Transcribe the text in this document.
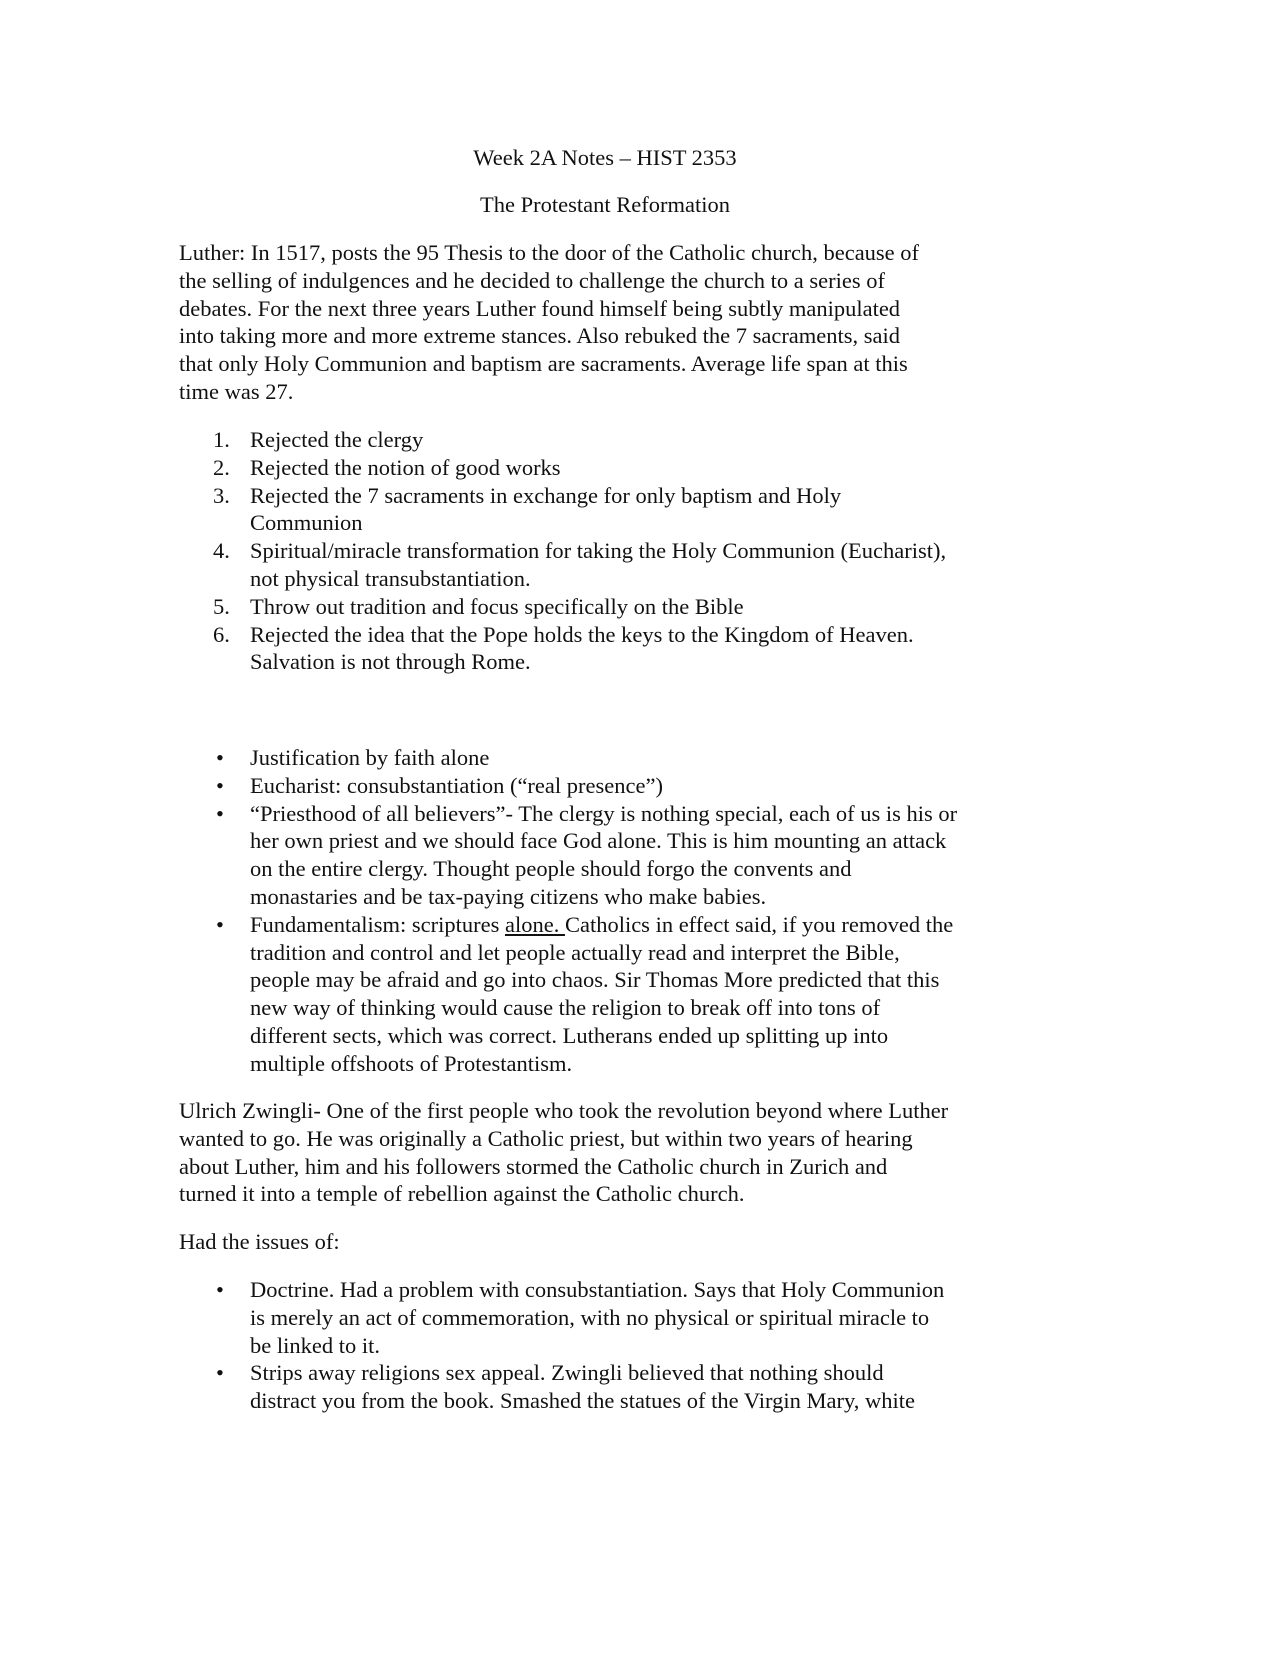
Week 2A Notes – HIST 2353
The Protestant Reformation
Luther: In 1517, posts the 95 Thesis to the door of the Catholic church, because of
the selling of indulgences and he decided to challenge the church to a series of
debates. For the next three years Luther found himself being subtly manipulated
into taking more and more extreme stances. Also rebuked the 7 sacraments, said
that only Holy Communion and baptism are sacraments. Average life span at this
time was 27.
1. Rejected the clergy
2. Rejected the notion of good works
3. Rejected the 7 sacraments in exchange for only baptism and Holy
Communion
4. Spiritual/miracle transformation for taking the Holy Communion (Eucharist),
not physical transubstantiation.
5. Throw out tradition and focus specifically on the Bible
6. Rejected the idea that the Pope holds the keys to the Kingdom of Heaven.
Salvation is not through Rome.
• Justification by faith alone
• Eucharist: consubstantiation (“real presence”)
• “Priesthood of all believers”- The clergy is nothing special, each of us is his or
her own priest and we should face God alone. This is him mounting an attack
on the entire clergy. Thought people should forgo the convents and
monastaries and be tax-paying citizens who make babies.
• Fundamentalism: scriptures alone. Catholics in effect said, if you removed the
tradition and control and let people actually read and interpret the Bible,
people may be afraid and go into chaos. Sir Thomas More predicted that this
new way of thinking would cause the religion to break off into tons of
different sects, which was correct. Lutherans ended up splitting up into
multiple offshoots of Protestantism.
Ulrich Zwingli- One of the first people who took the revolution beyond where Luther
wanted to go. He was originally a Catholic priest, but within two years of hearing
about Luther, him and his followers stormed the Catholic church in Zurich and
turned it into a temple of rebellion against the Catholic church.
Had the issues of:
• Doctrine. Had a problem with consubstantiation. Says that Holy Communion
is merely an act of commemoration, with no physical or spiritual miracle to
be linked to it.
• Strips away religions sex appeal. Zwingli believed that nothing should
distract you from the book. Smashed the statues of the Virgin Mary, white
